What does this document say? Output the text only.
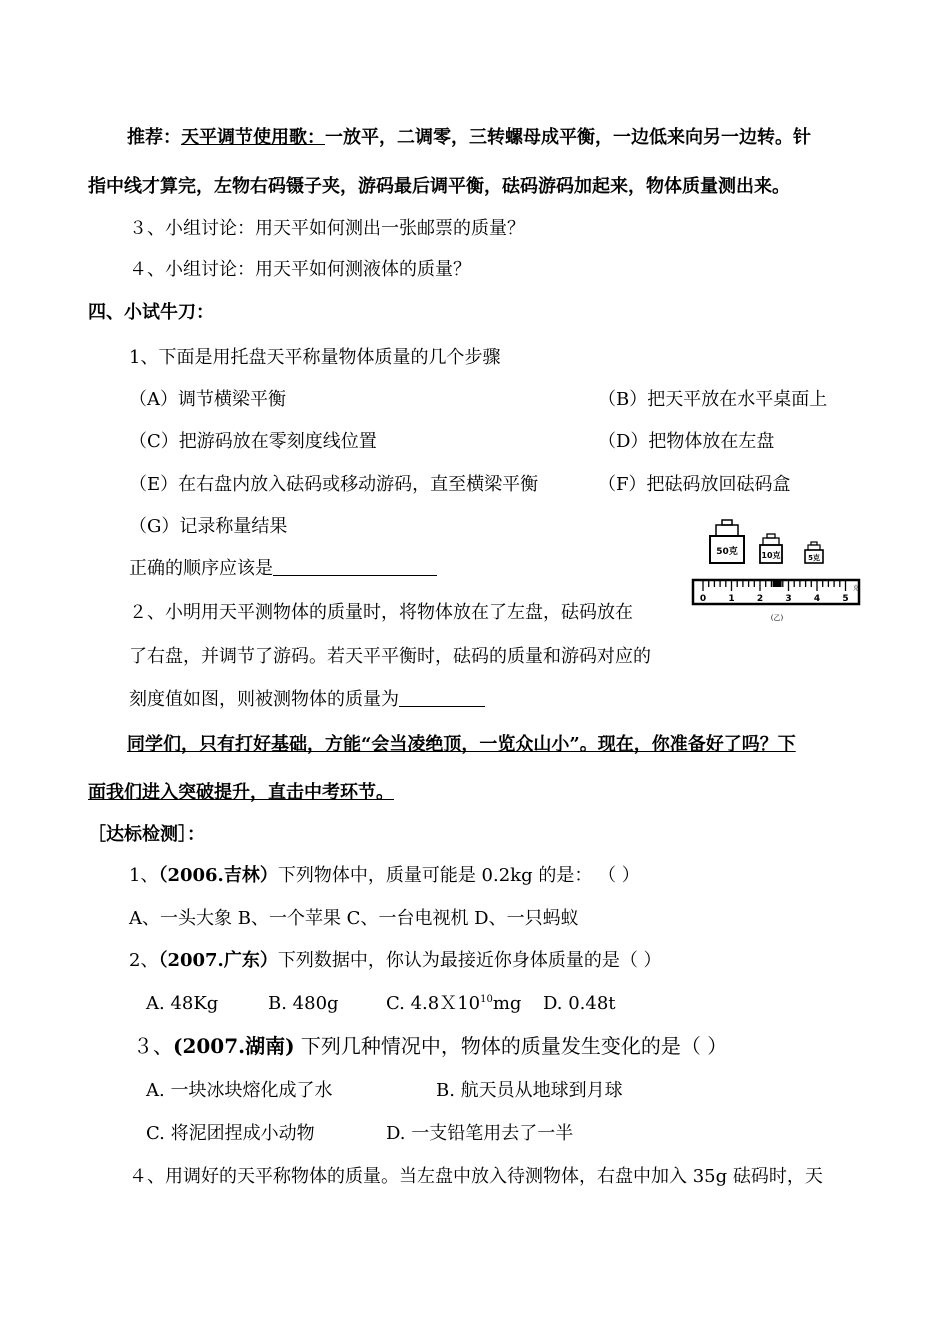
推荐：天平调节使用歌：一放平，二调零，三转螺母成平衡，一边低来向另一边转。针
指中线才算完，左物右码镊子夹，游码最后调平衡，砝码游码加起来，物体质量测出来。
３、小组讨论：用天平如何测出一张邮票的质量？
４、小组讨论：用天平如何测液体的质量？
四、小试牛刀：
1、下面是用托盘天平称量物体质量的几个步骤
（A）调节横梁平衡	（B）把天平放在水平桌面上
（C）把游码放在零刻度线位置	（D）把物体放在左盘
（E）在右盘内放入砝码或移动游码，直至横梁平衡	（F）把砝码放回砝码盒
（G）记录称量结果
正确的顺序应该是
２、小明用天平测物体的质量时，将物体放在了左盘，砝码放在
了右盘，并调节了游码。若天平平衡时，砝码的质量和游码对应的
刻度值如图，则被测物体的质量为
50克	10克	5克
0 1 2 3 4 5
克
(乙)
同学们，只有打好基础，方能“会当凌绝顶，一览众山小”。现在，你准备好了吗？下
面我们进入突破提升，直击中考环节。
［达标检测］：
1、（2006.吉林）下列物体中，质量可能是 0.2kg 的是： （ ）
A、一头大象 B、一个苹果 C、一台电视机 D、一只蚂蚁
2、（2007.广东）下列数据中，你认为最接近你身体质量的是（ ）
A. 48Kg	B. 480g	C. $4.8X10^{10}mg$ D. 0.48t
３、(2007.湖南) 下列几种情况中，物体的质量发生变化的是（ ）
A. 一块冰块熔化成了水	B. 航天员从地球到月球
C. 将泥团捏成小动物	D. 一支铅笔用去了一半
４、用调好的天平称物体的质量。当左盘中放入待测物体，右盘中加入 35g 砝码时，天
